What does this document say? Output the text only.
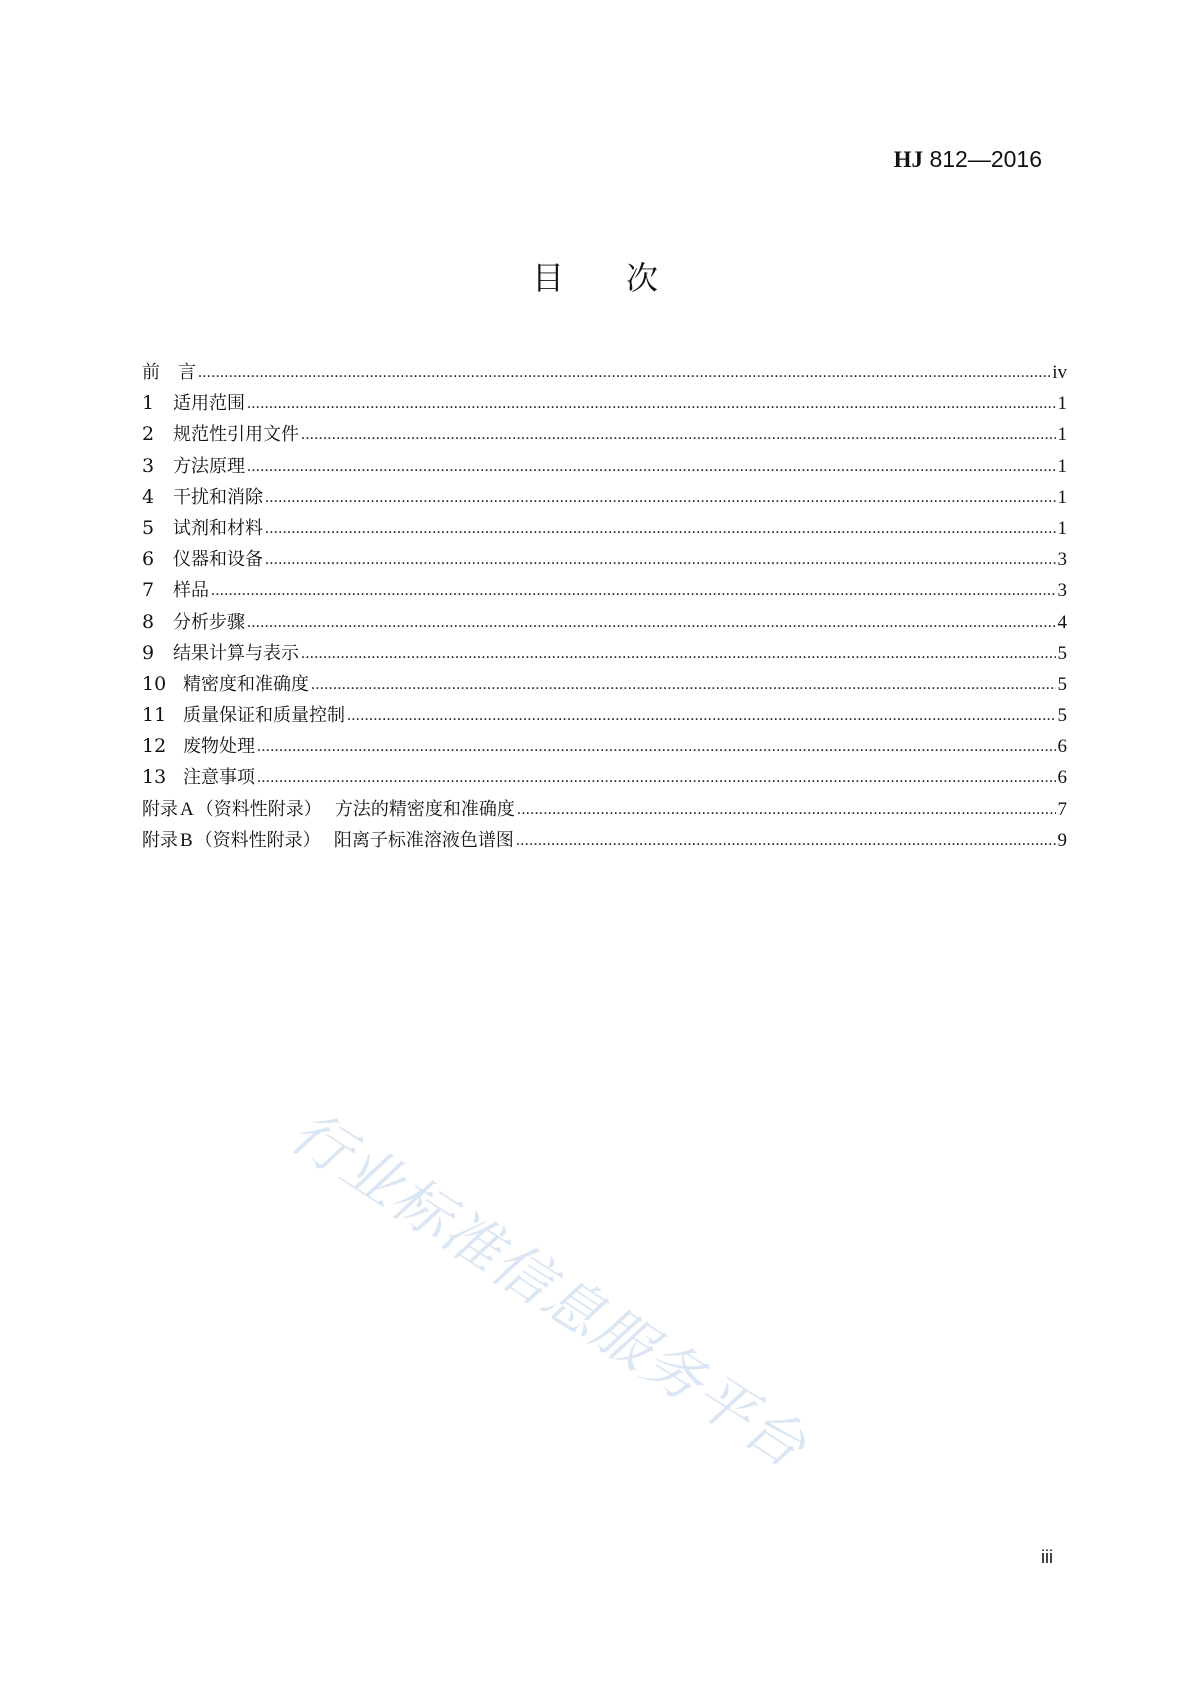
HJ 812—2016
目 次
前　言 .....	iv
1	适用范围 .....	1
2	规范性引用文件 .....	1
3	方法原理 .....	1
4	干扰和消除 .....	1
5	试剂和材料 .....	1
6	仪器和设备 .....	3
7	样品 .....	3
8	分析步骤 .....	4
9	结果计算与表示 .....	5
10 精密度和准确度 .....	5
11 质量保证和质量控制 .....	5
12 废物处理 .....	6
13 注意事项 .....	6
附录 A （资料性附录） 方法的精密度和准确度 .....	7
附录 B （资料性附录） 阳离子标准溶液色谱图 .....	9
行业标准信息服务平台
iii
